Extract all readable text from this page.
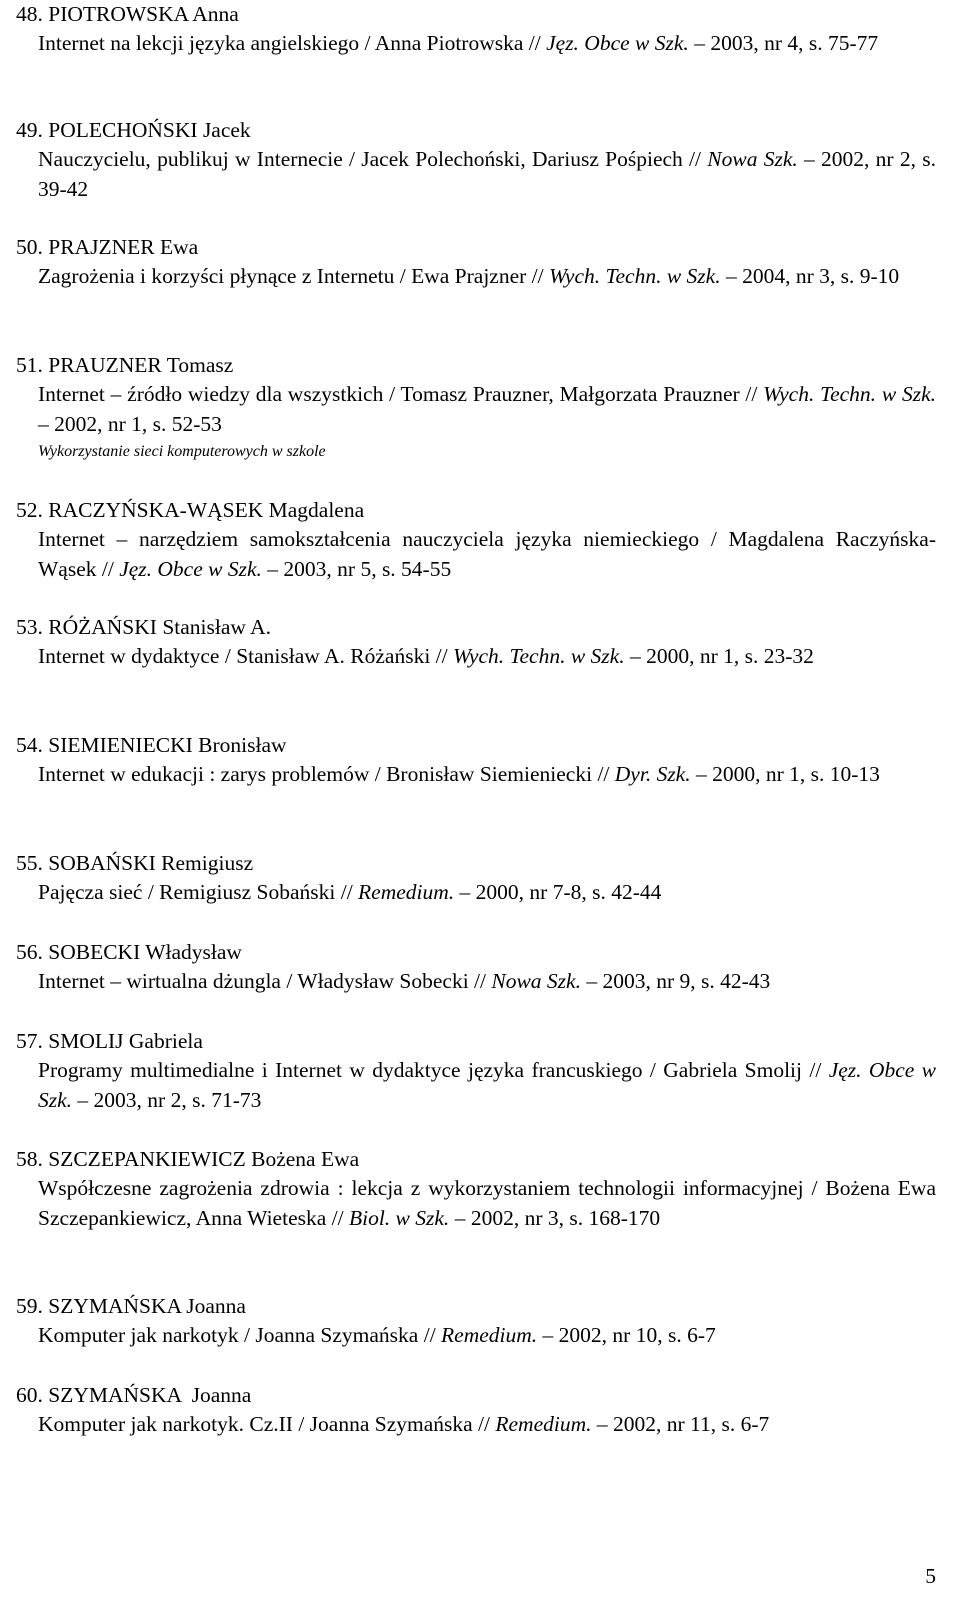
48. PIOTROWSKA Anna
Internet na lekcji języka angielskiego / Anna Piotrowska // Jęz. Obce w Szk. – 2003, nr 4, s. 75-77
49. POLECHOŃSKI Jacek
Nauczycielu, publikuj w Internecie / Jacek Polechoński, Dariusz Pośpiech // Nowa Szk. – 2002, nr 2, s. 39-42
50. PRAJZNER Ewa
Zagrożenia i korzyści płynące z Internetu / Ewa Prajzner // Wych. Techn. w Szk. – 2004, nr 3, s. 9-10
51. PRAUZNER Tomasz
Internet – źródło wiedzy dla wszystkich / Tomasz Prauzner, Małgorzata Prauzner // Wych. Techn. w Szk. – 2002, nr 1, s. 52-53
Wykorzystanie sieci komputerowych w szkole
52. RACZYŃSKA-WĄSEK Magdalena
Internet – narzędziem samokształcenia nauczyciela języka niemieckiego / Magdalena Raczyńska-Wąsek // Jęz. Obce w Szk. – 2003, nr 5, s. 54-55
53. RÓŻAŃSKI Stanisław A.
Internet w dydaktyce / Stanisław A. Różański // Wych. Techn. w Szk. – 2000, nr 1, s. 23-32
54. SIEMIENIECKI Bronisław
Internet w edukacji : zarys problemów / Bronisław Siemieniecki // Dyr. Szk. – 2000, nr 1, s. 10-13
55. SOBAŃSKI Remigiusz
Pajęcza sieć / Remigiusz Sobański // Remedium. – 2000, nr 7-8, s. 42-44
56. SOBECKI Władysław
Internet – wirtualna dżungla / Władysław Sobecki // Nowa Szk. – 2003, nr 9, s. 42-43
57. SMOLIJ Gabriela
Programy multimedialne i Internet w dydaktyce języka francuskiego / Gabriela Smolij // Jęz. Obce w Szk. – 2003, nr 2, s. 71-73
58. SZCZEPANKIEWICZ Bożena Ewa
Współczesne zagrożenia zdrowia : lekcja z wykorzystaniem technologii informacyjnej / Bożena Ewa Szczepankiewicz, Anna Wieteska // Biol. w Szk. – 2002, nr 3, s. 168-170
59. SZYMAŃSKA Joanna
Komputer jak narkotyk / Joanna Szymańska // Remedium. – 2002, nr 10, s. 6-7
60. SZYMAŃSKA  Joanna
Komputer jak narkotyk. Cz.II / Joanna Szymańska // Remedium. – 2002, nr 11, s. 6-7
5
